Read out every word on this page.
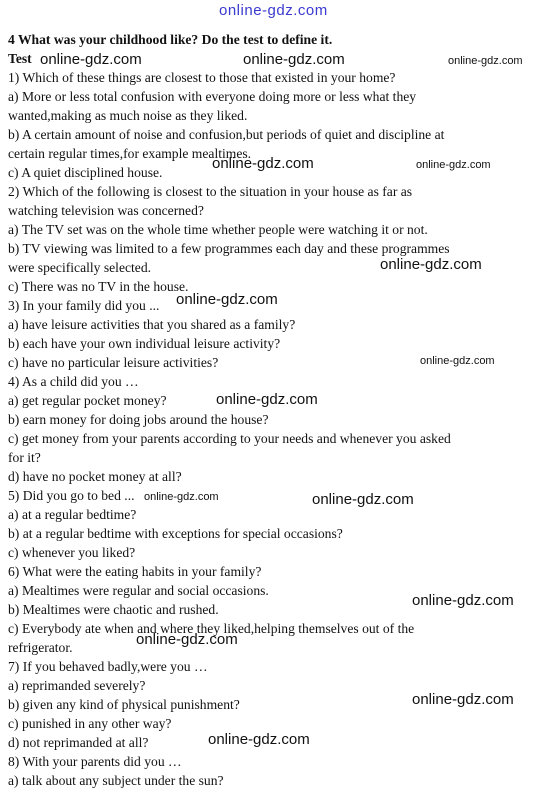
online-gdz.com
4 What was your childhood like? Do the test to define it.
Test
1) Which of these things are closest to those that existed in your home?
a) More or less total confusion with everyone doing more or less what they
wanted,making as much noise as they liked.
b) A certain amount of noise and confusion,but periods of quiet and discipline at
certain regular times,for example mealtimes.
c) A quiet disciplined house.
2) Which of the following is closest to the situation in your house as far as
watching television was concerned?
a) The TV set was on the whole time whether people were watching it or not.
b) TV viewing was limited to a few programmes each day and these programmes
were specifically selected.
c) There was no TV in the house.
3) In your family did you ...
a) have leisure activities that you shared as a family?
b) each have your own individual leisure activity?
c) have no particular leisure activities?
4) As a child did you …
a) get regular pocket money?
b) earn money for doing jobs around the house?
c) get money from your parents according to your needs and whenever you asked
for it?
d) have no pocket money at all?
5) Did you go to bed ...
a) at a regular bedtime?
b) at a regular bedtime with exceptions for special occasions?
c) whenever you liked?
6) What were the eating habits in your family?
a) Mealtimes were regular and social occasions.
b) Mealtimes were chaotic and rushed.
c) Everybody ate when and where they liked,helping themselves out of the
refrigerator.
7) If you behaved badly,were you …
a) reprimanded severely?
b) given any kind of physical punishment?
c) punished in any other way?
d) not reprimanded at all?
8) With your parents did you …
a) talk about any subject under the sun?
online-gdz.com	online-gdz.com	online-gdz.com
online-gdz.com	online-gdz.com
online-gdz.com
online-gdz.com
online-gdz.com
online-gdz.com
online-gdz.com	online-gdz.com
online-gdz.com
online-gdz.com
online-gdz.com
online-gdz.com
